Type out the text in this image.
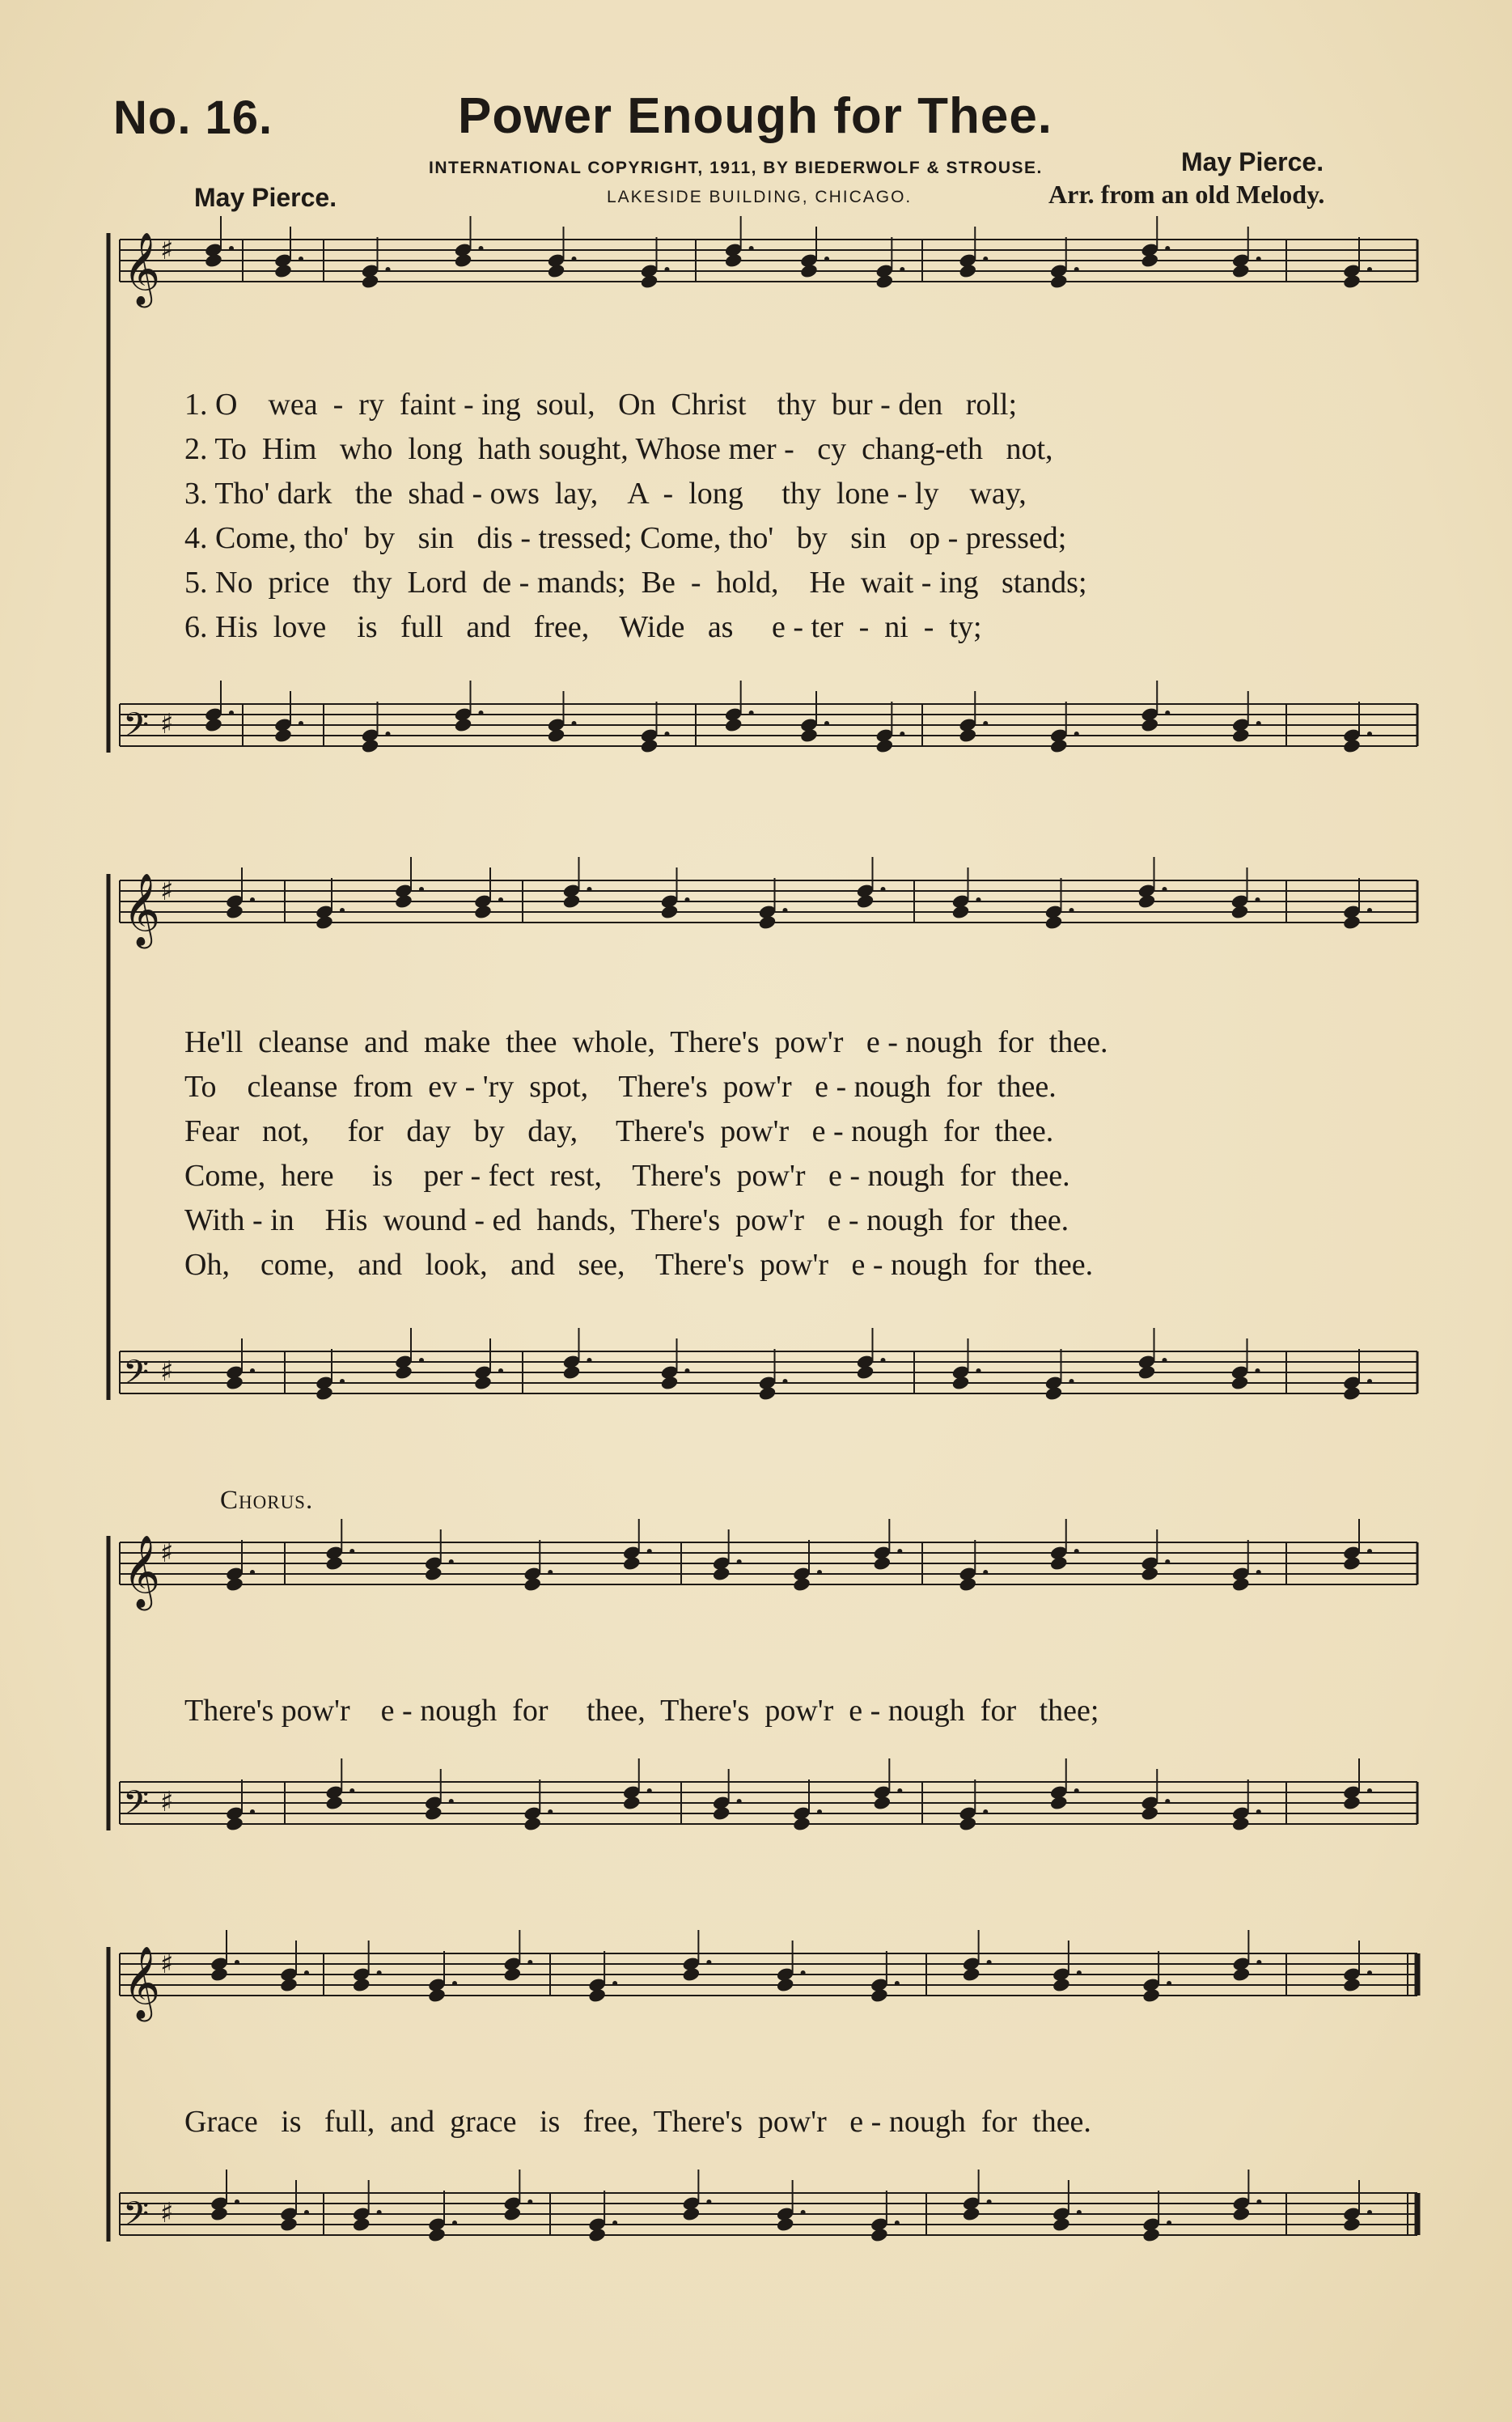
No. 16.	Power Enough for Thee.
INTERNATIONAL COPYRIGHT, 1911, BY BIEDERWOLF & STROUSE.
LAKESIDE BUILDING, CHICAGO.
May Pierce.
May Pierce.
Arr. from an old Melody.
𝄞 ♯
𝄢 ♯
𝄞 ♯
𝄢 ♯
𝄞 ♯
𝄢 ♯
𝄞 ♯
𝄢 ♯
1. O    wea  -  ry  faint - ing  soul,   On  Christ    thy  bur - den   roll;
2. To  Him   who  long  hath sought, Whose mer -   cy  chang-eth   not,
3. Tho' dark   the  shad - ows  lay,    A  -  long     thy  lone - ly    way,
4. Come, tho'  by   sin   dis - tressed; Come, tho'   by   sin   op - pressed;
5. No  price   thy  Lord  de - mands;  Be  -  hold,    He  wait - ing   stands;
6. His  love    is   full   and   free,    Wide   as     e - ter  -  ni  -  ty;
He'll  cleanse  and  make  thee  whole,  There's  pow'r   e - nough  for  thee.
To    cleanse  from  ev - 'ry  spot,    There's  pow'r   e - nough  for  thee.
Fear   not,     for   day   by   day,     There's  pow'r   e - nough  for  thee.
Come,  here     is    per - fect  rest,    There's  pow'r   e - nough  for  thee.
With - in    His  wound - ed  hands,  There's  pow'r   e - nough  for  thee.
Oh,    come,   and   look,   and   see,    There's  pow'r   e - nough  for  thee.
Chorus.
There's pow'r    e - nough  for     thee,  There's  pow'r  e - nough  for   thee;
Grace   is   full,  and  grace   is   free,  There's  pow'r   e - nough  for  thee.
